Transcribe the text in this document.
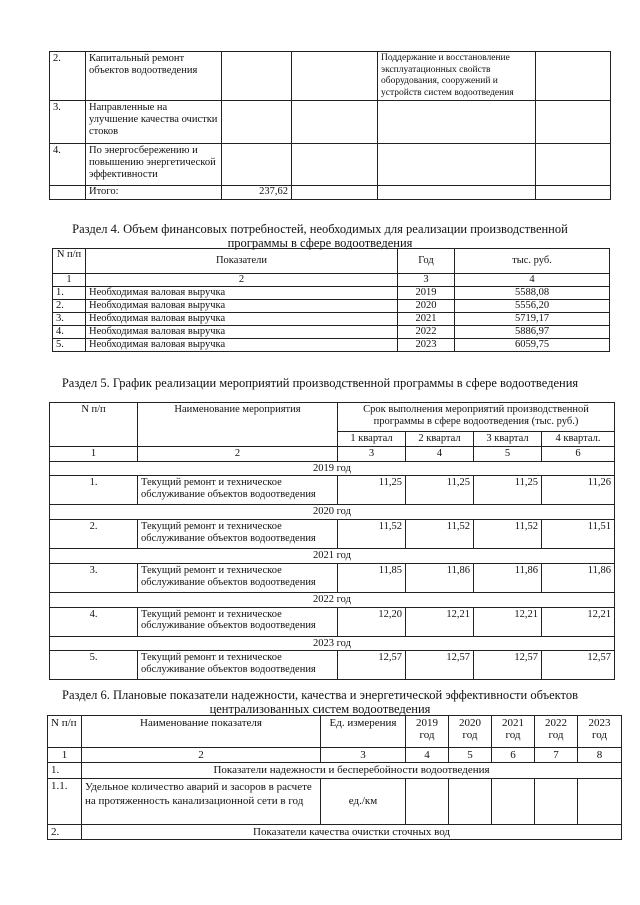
2.	Капитальный ремонт объектов водоотведения			Поддержание и восстановление эксплуатационных свойств оборудования, сооружений и устройств систем водоотведения	
3.	Направленные на улучшение качества очистки стоков				
4.	По энергосбережению и повышению энергетической эффективности				
	Итого:	237,62			
Раздел 4. Объем финансовых потребностей, необходимых для реализации производственной
программы в сфере водоотведения
N п/п	Показатели	Год	тыс. руб.
1	2	3	4
1.	Необходимая валовая выручка	2019	5588,08
2.	Необходимая валовая выручка	2020	5556,20
3.	Необходимая валовая выручка	2021	5719,17
4.	Необходимая валовая выручка	2022	5886,97
5.	Необходимая валовая выручка	2023	6059,75
Раздел 5. График реализации мероприятий производственной программы в сфере водоотведения
N п/п	Наименование мероприятия	Срок выполнения мероприятий производственной программы в сфере водоотведения (тыс. руб.)			
		1 квартал	2 квартал	3 квартал	4 квартал.
1	2	3	4	5	6
2019 год					
1.	Текущий ремонт и техническое обслуживание объектов водоотведения	11,25	11,25	11,25	11,26
2020 год					
2.	Текущий ремонт и техническое обслуживание объектов водоотведения	11,52	11,52	11,52	11,51
2021 год					
3.	Текущий ремонт и техническое обслуживание объектов водоотведения	11,85	11,86	11,86	11,86
2022 год					
4.	Текущий ремонт и техническое обслуживание объектов водоотведения	12,20	12,21	12,21	12,21
2023 год					
5.	Текущий ремонт и техническое обслуживание объектов водоотведения	12,57	12,57	12,57	12,57
Раздел 6. Плановые показатели надежности, качества и энергетической эффективности объектов
централизованных систем водоотведения
N п/п	Наименование показателя	Ед. измерения	2019 год	2020 год	2021 год	2022 год	2023 год
1	2	3	4	5	6	7	8
1.	Показатели надежности и бесперебойности водоотведения						
1.1.	Удельное количество аварий и засоров в расчете на протяженность канализационной сети в год	ед./км					
2.	Показатели качества очистки сточных вод						
